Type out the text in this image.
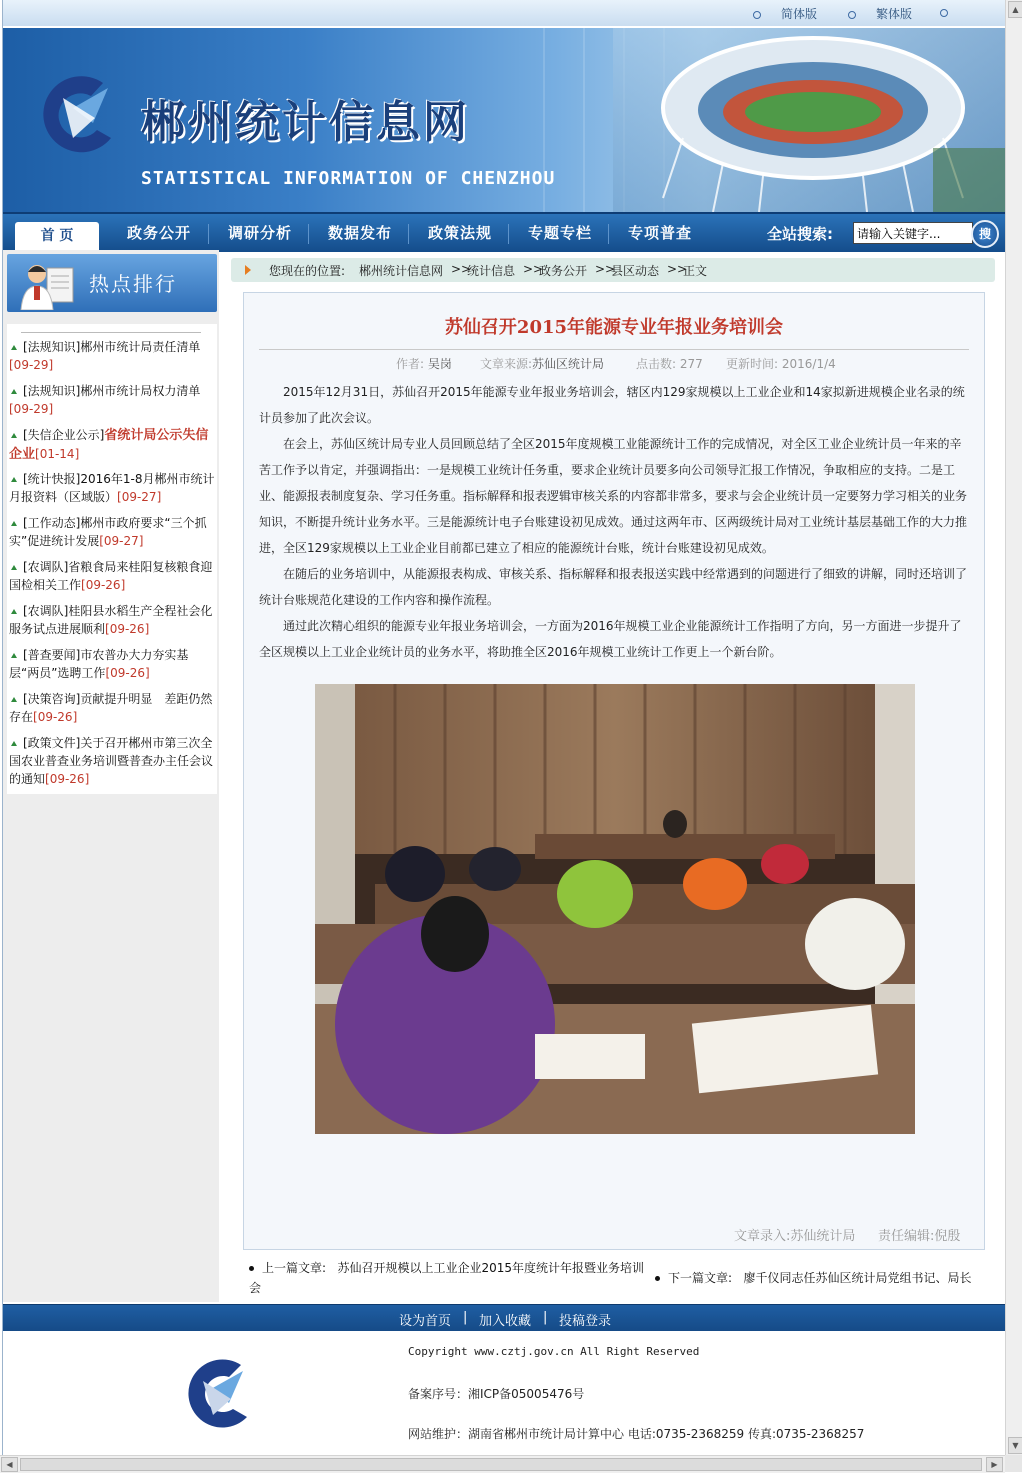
简体版	繁体版
郴州统计信息网
STATISTICAL INFORMATION OF CHENZHOU
首 页	政务公开 调研分析 数据发布 政策法规 专题专栏 专项普查	全站搜索:
请输入关键字...	搜
热点排行
[法规知识]郴州市统计局责任清单
[09-29]
[法规知识]郴州市统计局权力清单
[09-29]
[失信企业公示]省统计局公示失信企业[01-14]
[统计快报]2016年1-8月郴州市统计月报资料（区域版）[09-27]
[工作动态]郴州市政府要求“三个抓实”促进统计发展[09-27]
[农调队]省粮食局来桂阳复核粮食迎国检相关工作[09-26]
[农调队]桂阳县水稻生产全程社会化服务试点进展顺利[09-26]
[普查要闻]市农普办大力夯实基层“两员”选聘工作[09-26]
[决策咨询]贡献提升明显　差距仍然存在[09-26]
[政策文件]关于召开郴州市第三次全国农业普查业务培训暨普查办主任会议的通知[09-26]
您现在的位置: 郴州统计信息网 >>
统计信息 >>
政务公开 >>
县区动态 >>
正文
苏仙召开2015年能源专业年报业务培训会
作者: 吴岗 文章来源:苏仙区统计局	点击数: 277 更新时间: 2016/1/4

2015年12月31日，苏仙召开2015年能源专业年报业务培训会，辖区内129家规模以上工业企业和14家拟新进规模企业名录的统计员参加了此次会议。

在会上，苏仙区统计局专业人员回顾总结了全区2015年度规模工业能源统计工作的完成情况，对全区工业企业统计员一年来的辛苦工作予以肯定，并强调指出：一是规模工业统计任务重，要求企业统计员要多向公司领导汇报工作情况，争取相应的支持。二是工业、能源报表制度复杂、学习任务重。指标解释和报表逻辑审核关系的内容都非常多，要求与会企业统计员一定要努力学习相关的业务知识，不断提升统计业务水平。三是能源统计电子台账建设初见成效。通过这两年市、区两级统计局对工业统计基层基础工作的大力推进，全区129家规模以上工业企业目前都已建立了相应的能源统计台账，统计台账建设初见成效。

在随后的业务培训中，从能源报表构成、审核关系、指标解释和报表报送实践中经常遇到的问题进行了细致的讲解，同时还培训了统计台账规范化建设的工作内容和操作流程。

通过此次精心组织的能源专业年报业务培训会，一方面为2016年规模工业企业能源统计工作指明了方向，另一方面进一步提升了全区规模以上工业企业统计员的业务水平，将助推全区2016年规模工业统计工作更上一个新台阶。

文章录入:苏仙统计局 责任编辑:倪殷
上一篇文章: 苏仙召开规模以上工业企业2015年度统计年报暨业务培训会
下一篇文章: 廖千仪同志任苏仙区统计局党组书记、局长
设为首页 | 加入收藏 | 投稿登录
Copyright www.cztj.gov.cn All Right Reserved
备案序号：湘ICP备05005476号
网站维护：湖南省郴州市统计局计算中心 电话:0735-2368259 传真:0735-2368257
▲
▼
◀	▶
